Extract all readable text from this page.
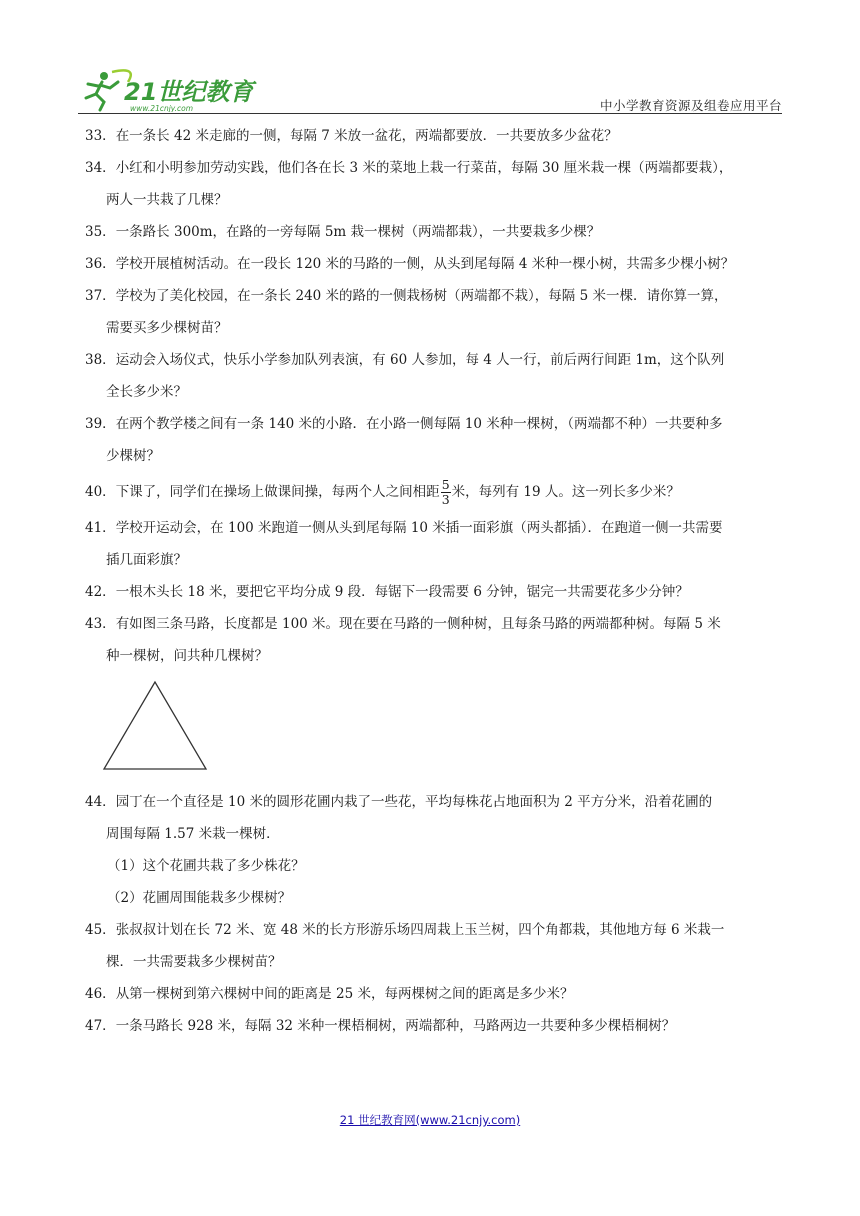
21世纪教育
www.21cnjy.com	中小学教育资源及组卷应用平台
33．在一条长 42 米走廊的一侧，每隔 7 米放一盆花，两端都要放．一共要放多少盆花？
34．小红和小明参加劳动实践，他们各在长 3 米的菜地上栽一行菜苗，每隔 30 厘米栽一棵（两端都要栽），
两人一共栽了几棵？
35．一条路长 300m，在路的一旁每隔 5m 栽一棵树（两端都栽），一共要栽多少棵？
36．学校开展植树活动。在一段长 120 米的马路的一侧，从头到尾每隔 4 米种一棵小树，共需多少棵小树？
37．学校为了美化校园，在一条长 240 米的路的一侧栽杨树（两端都不栽），每隔 5 米一棵．请你算一算，
需要买多少棵树苗？
38．运动会入场仪式，快乐小学参加队列表演，有 60 人参加，每 4 人一行，前后两行间距 1m，这个队列
全长多少米？
39．在两个教学楼之间有一条 140 米的小路．在小路一侧每隔 10 米种一棵树，（两端都不种）一共要种多
少棵树？
40．下课了，同学们在操场上做课间操，每两个人之间相距 $\frac{5}{3}$ 米，每列有 19 人。这一列长多少米？
41．学校开运动会，在 100 米跑道一侧从头到尾每隔 10 米插一面彩旗（两头都插）．在跑道一侧一共需要
插几面彩旗？
42．一根木头长 18 米，要把它平均分成 9 段．每锯下一段需要 6 分钟，锯完一共需要花多少分钟？
43．有如图三条马路，长度都是 100 米。现在要在马路的一侧种树，且每条马路的两端都种树。每隔 5 米
种一棵树，问共种几棵树？
44．园丁在一个直径是 10 米的圆形花圃内栽了一些花，平均每株花占地面积为 2 平方分米，沿着花圃的
周围每隔 1.57 米栽一棵树．
（1）这个花圃共栽了多少株花？
（2）花圃周围能栽多少棵树？
45．张叔叔计划在长 72 米、宽 48 米的长方形游乐场四周栽上玉兰树，四个角都栽，其他地方每 6 米栽一
棵．一共需要栽多少棵树苗？
46．从第一棵树到第六棵树中间的距离是 25 米，每两棵树之间的距离是多少米？
47．一条马路长 928 米，每隔 32 米种一棵梧桐树，两端都种，马路两边一共要种多少棵梧桐树？
21 世纪教育网(www.21cnjy.com)
